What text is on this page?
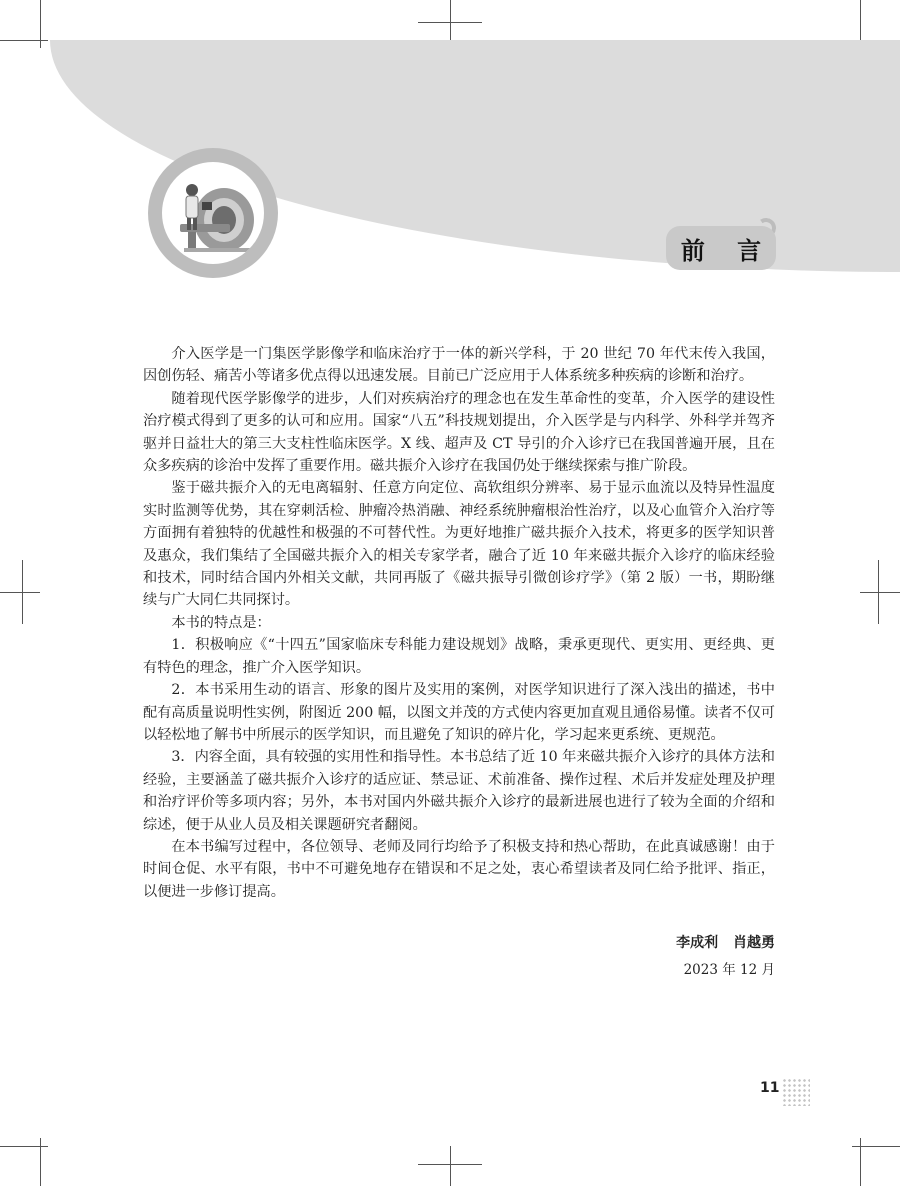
前 言

介入医学是一门集医学影像学和临床治疗于一体的新兴学科，于 20 世纪 70 年代末传入我国，因创伤轻、痛苦小等诸多优点得以迅速发展。目前已广泛应用于人体系统多种疾病的诊断和治疗。

随着现代医学影像学的进步，人们对疾病治疗的理念也在发生革命性的变革，介入医学的建设性治疗模式得到了更多的认可和应用。国家“八五”科技规划提出，介入医学是与内科学、外科学并驾齐驱并日益壮大的第三大支柱性临床医学。X 线、超声及 CT 导引的介入诊疗已在我国普遍开展，且在众多疾病的诊治中发挥了重要作用。磁共振介入诊疗在我国仍处于继续探索与推广阶段。

鉴于磁共振介入的无电离辐射、任意方向定位、高软组织分辨率、易于显示血流以及特异性温度实时监测等优势，其在穿刺活检、肿瘤冷热消融、神经系统肿瘤根治性治疗，以及心血管介入治疗等方面拥有着独特的优越性和极强的不可替代性。为更好地推广磁共振介入技术，将更多的医学知识普及惠众，我们集结了全国磁共振介入的相关专家学者，融合了近 10 年来磁共振介入诊疗的临床经验和技术，同时结合国内外相关文献，共同再版了《磁共振导引微创诊疗学》（第 2 版）一书，期盼继续与广大同仁共同探讨。

本书的特点是：

1．积极响应《“十四五”国家临床专科能力建设规划》战略，秉承更现代、更实用、更经典、更有特色的理念，推广介入医学知识。

2．本书采用生动的语言、形象的图片及实用的案例，对医学知识进行了深入浅出的描述，书中配有高质量说明性实例，附图近 200 幅，以图文并茂的方式使内容更加直观且通俗易懂。读者不仅可以轻松地了解书中所展示的医学知识，而且避免了知识的碎片化，学习起来更系统、更规范。

3．内容全面，具有较强的实用性和指导性。本书总结了近 10 年来磁共振介入诊疗的具体方法和经验，主要涵盖了磁共振介入诊疗的适应证、禁忌证、术前准备、操作过程、术后并发症处理及护理和治疗评价等多项内容；另外，本书对国内外磁共振介入诊疗的最新进展也进行了较为全面的介绍和综述，便于从业人员及相关课题研究者翻阅。

在本书编写过程中，各位领导、老师及同行均给予了积极支持和热心帮助，在此真诚感谢！由于时间仓促、水平有限，书中不可避免地存在错误和不足之处，衷心希望读者及同仁给予批评、指正，以便进一步修订提高。

李成利 肖越勇
2023 年 12 月
11
